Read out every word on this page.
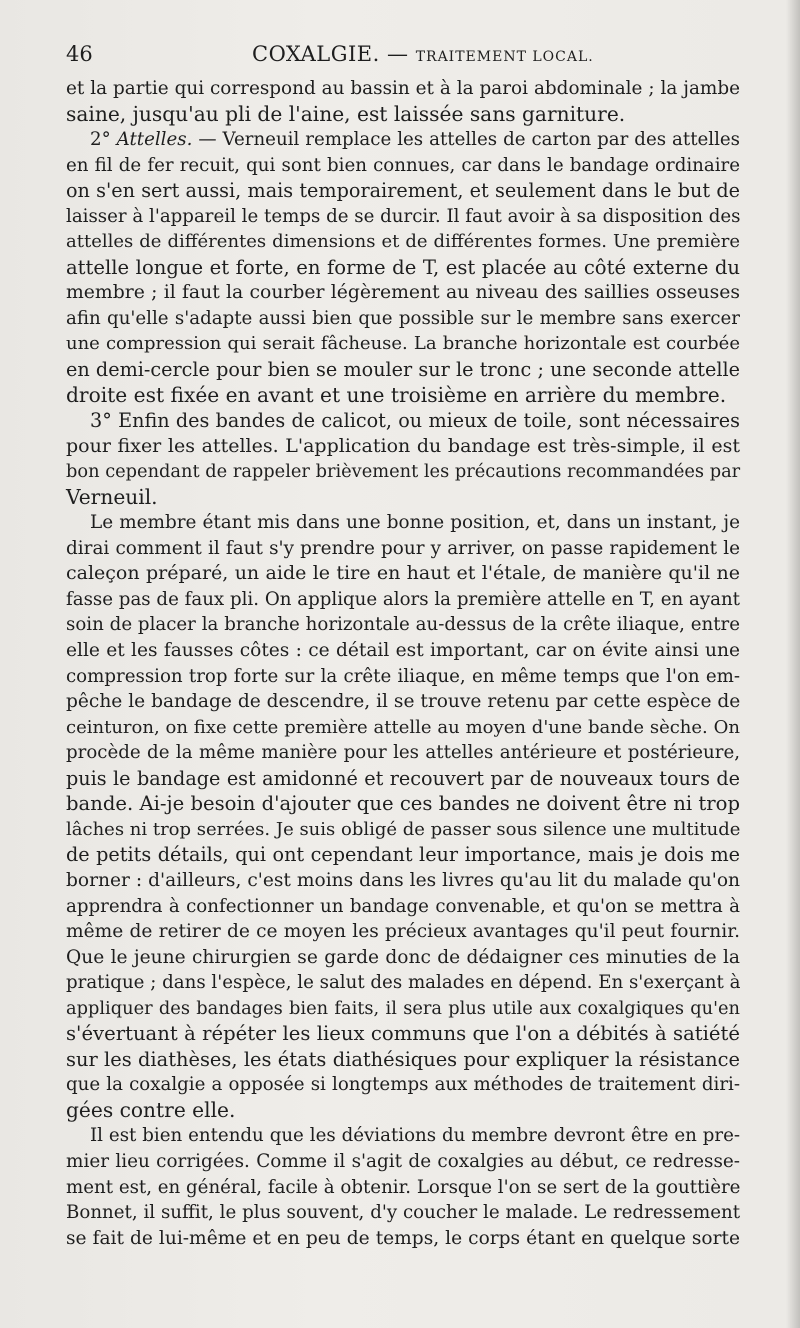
46	COXALGIE. — TRAITEMENT LOCAL.
et la partie qui correspond au bassin et à la paroi abdominale ; la jambe
saine, jusqu'au pli de l'aine, est laissée sans garniture.
2° Attelles. — Verneuil remplace les attelles de carton par des attelles
en fil de fer recuit, qui sont bien connues, car dans le bandage ordinaire
on s'en sert aussi, mais temporairement, et seulement dans le but de
laisser à l'appareil le temps de se durcir. Il faut avoir à sa disposition des
attelles de différentes dimensions et de différentes formes. Une première
attelle longue et forte, en forme de T, est placée au côté externe du
membre ; il faut la courber légèrement au niveau des saillies osseuses
afin qu'elle s'adapte aussi bien que possible sur le membre sans exercer
une compression qui serait fâcheuse. La branche horizontale est courbée
en demi-cercle pour bien se mouler sur le tronc ; une seconde attelle
droite est fixée en avant et une troisième en arrière du membre.
3° Enfin des bandes de calicot, ou mieux de toile, sont nécessaires
pour fixer les attelles. L'application du bandage est très-simple, il est
bon cependant de rappeler brièvement les précautions recommandées par
Verneuil.
Le membre étant mis dans une bonne position, et, dans un instant, je
dirai comment il faut s'y prendre pour y arriver, on passe rapidement le
caleçon préparé, un aide le tire en haut et l'étale, de manière qu'il ne
fasse pas de faux pli. On applique alors la première attelle en T, en ayant
soin de placer la branche horizontale au-dessus de la crête iliaque, entre
elle et les fausses côtes : ce détail est important, car on évite ainsi une
compression trop forte sur la crête iliaque, en même temps que l'on em-
pêche le bandage de descendre, il se trouve retenu par cette espèce de
ceinturon, on fixe cette première attelle au moyen d'une bande sèche. On
procède de la même manière pour les attelles antérieure et postérieure,
puis le bandage est amidonné et recouvert par de nouveaux tours de
bande. Ai-je besoin d'ajouter que ces bandes ne doivent être ni trop
lâches ni trop serrées. Je suis obligé de passer sous silence une multitude
de petits détails, qui ont cependant leur importance, mais je dois me
borner : d'ailleurs, c'est moins dans les livres qu'au lit du malade qu'on
apprendra à confectionner un bandage convenable, et qu'on se mettra à
même de retirer de ce moyen les précieux avantages qu'il peut fournir.
Que le jeune chirurgien se garde donc de dédaigner ces minuties de la
pratique ; dans l'espèce, le salut des malades en dépend. En s'exerçant à
appliquer des bandages bien faits, il sera plus utile aux coxalgiques qu'en
s'évertuant à répéter les lieux communs que l'on a débités à satiété
sur les diathèses, les états diathésiques pour expliquer la résistance
que la coxalgie a opposée si longtemps aux méthodes de traitement diri-
gées contre elle.
Il est bien entendu que les déviations du membre devront être en pre-
mier lieu corrigées. Comme il s'agit de coxalgies au début, ce redresse-
ment est, en général, facile à obtenir. Lorsque l'on se sert de la gouttière
Bonnet, il suffit, le plus souvent, d'y coucher le malade. Le redressement
se fait de lui-même et en peu de temps, le corps étant en quelque sorte
